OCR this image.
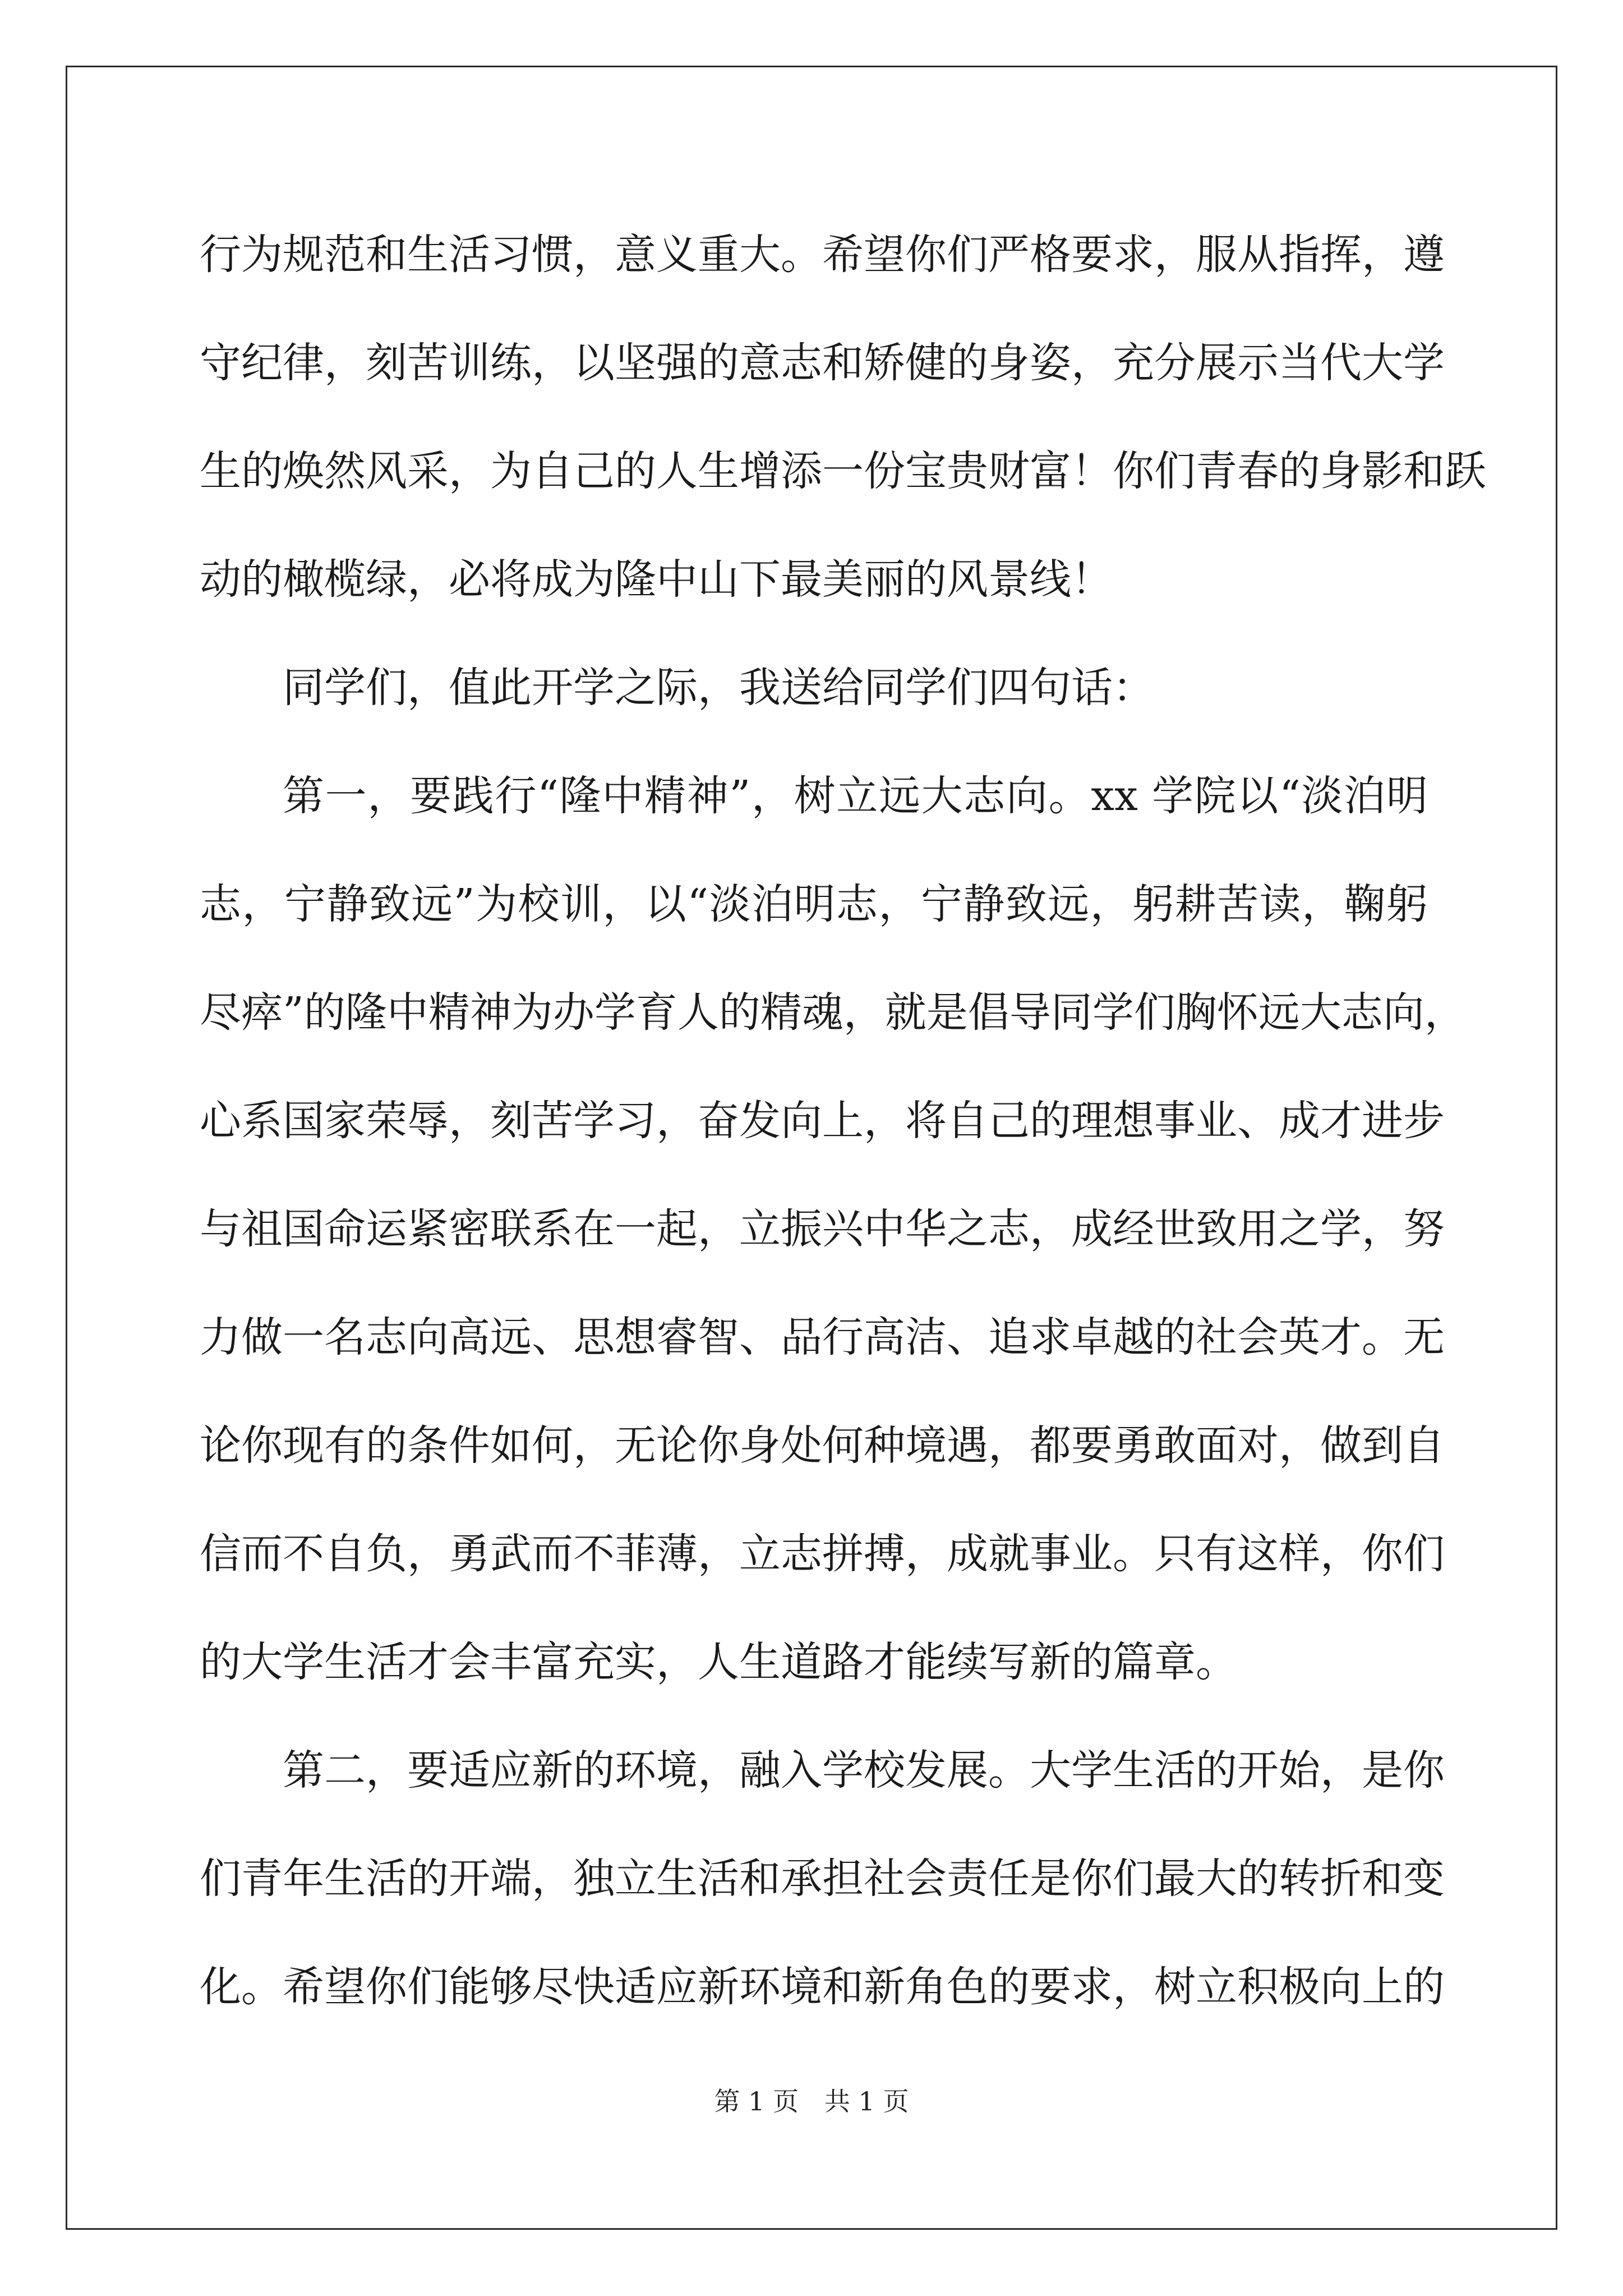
行为规范和生活习惯，意义重大。希望你们严格要求，服从指挥，遵
守纪律，刻苦训练，以坚强的意志和矫健的身姿，充分展示当代大学
生的焕然风采，为自己的人生增添一份宝贵财富！你们青春的身影和跃
动的橄榄绿，必将成为隆中山下最美丽的风景线！
同学们，值此开学之际，我送给同学们四句话：
第一，要践行“隆中精神”，树立远大志向。xx 学院以“淡泊明
志，宁静致远”为校训，以“淡泊明志，宁静致远，躬耕苦读，鞠躬
尽瘁”的隆中精神为办学育人的精魂，就是倡导同学们胸怀远大志向，
心系国家荣辱，刻苦学习，奋发向上，将自己的理想事业、成才进步
与祖国命运紧密联系在一起，立振兴中华之志，成经世致用之学，努
力做一名志向高远、思想睿智、品行高洁、追求卓越的社会英才。无
论你现有的条件如何，无论你身处何种境遇，都要勇敢面对，做到自
信而不自负，勇武而不菲薄，立志拼搏，成就事业。只有这样，你们
的大学生活才会丰富充实，人生道路才能续写新的篇章。
第二，要适应新的环境，融入学校发展。大学生活的开始，是你
们青年生活的开端，独立生活和承担社会责任是你们最大的转折和变
化。希望你们能够尽快适应新环境和新角色的要求，树立积极向上的
第 1 页　共 1 页
